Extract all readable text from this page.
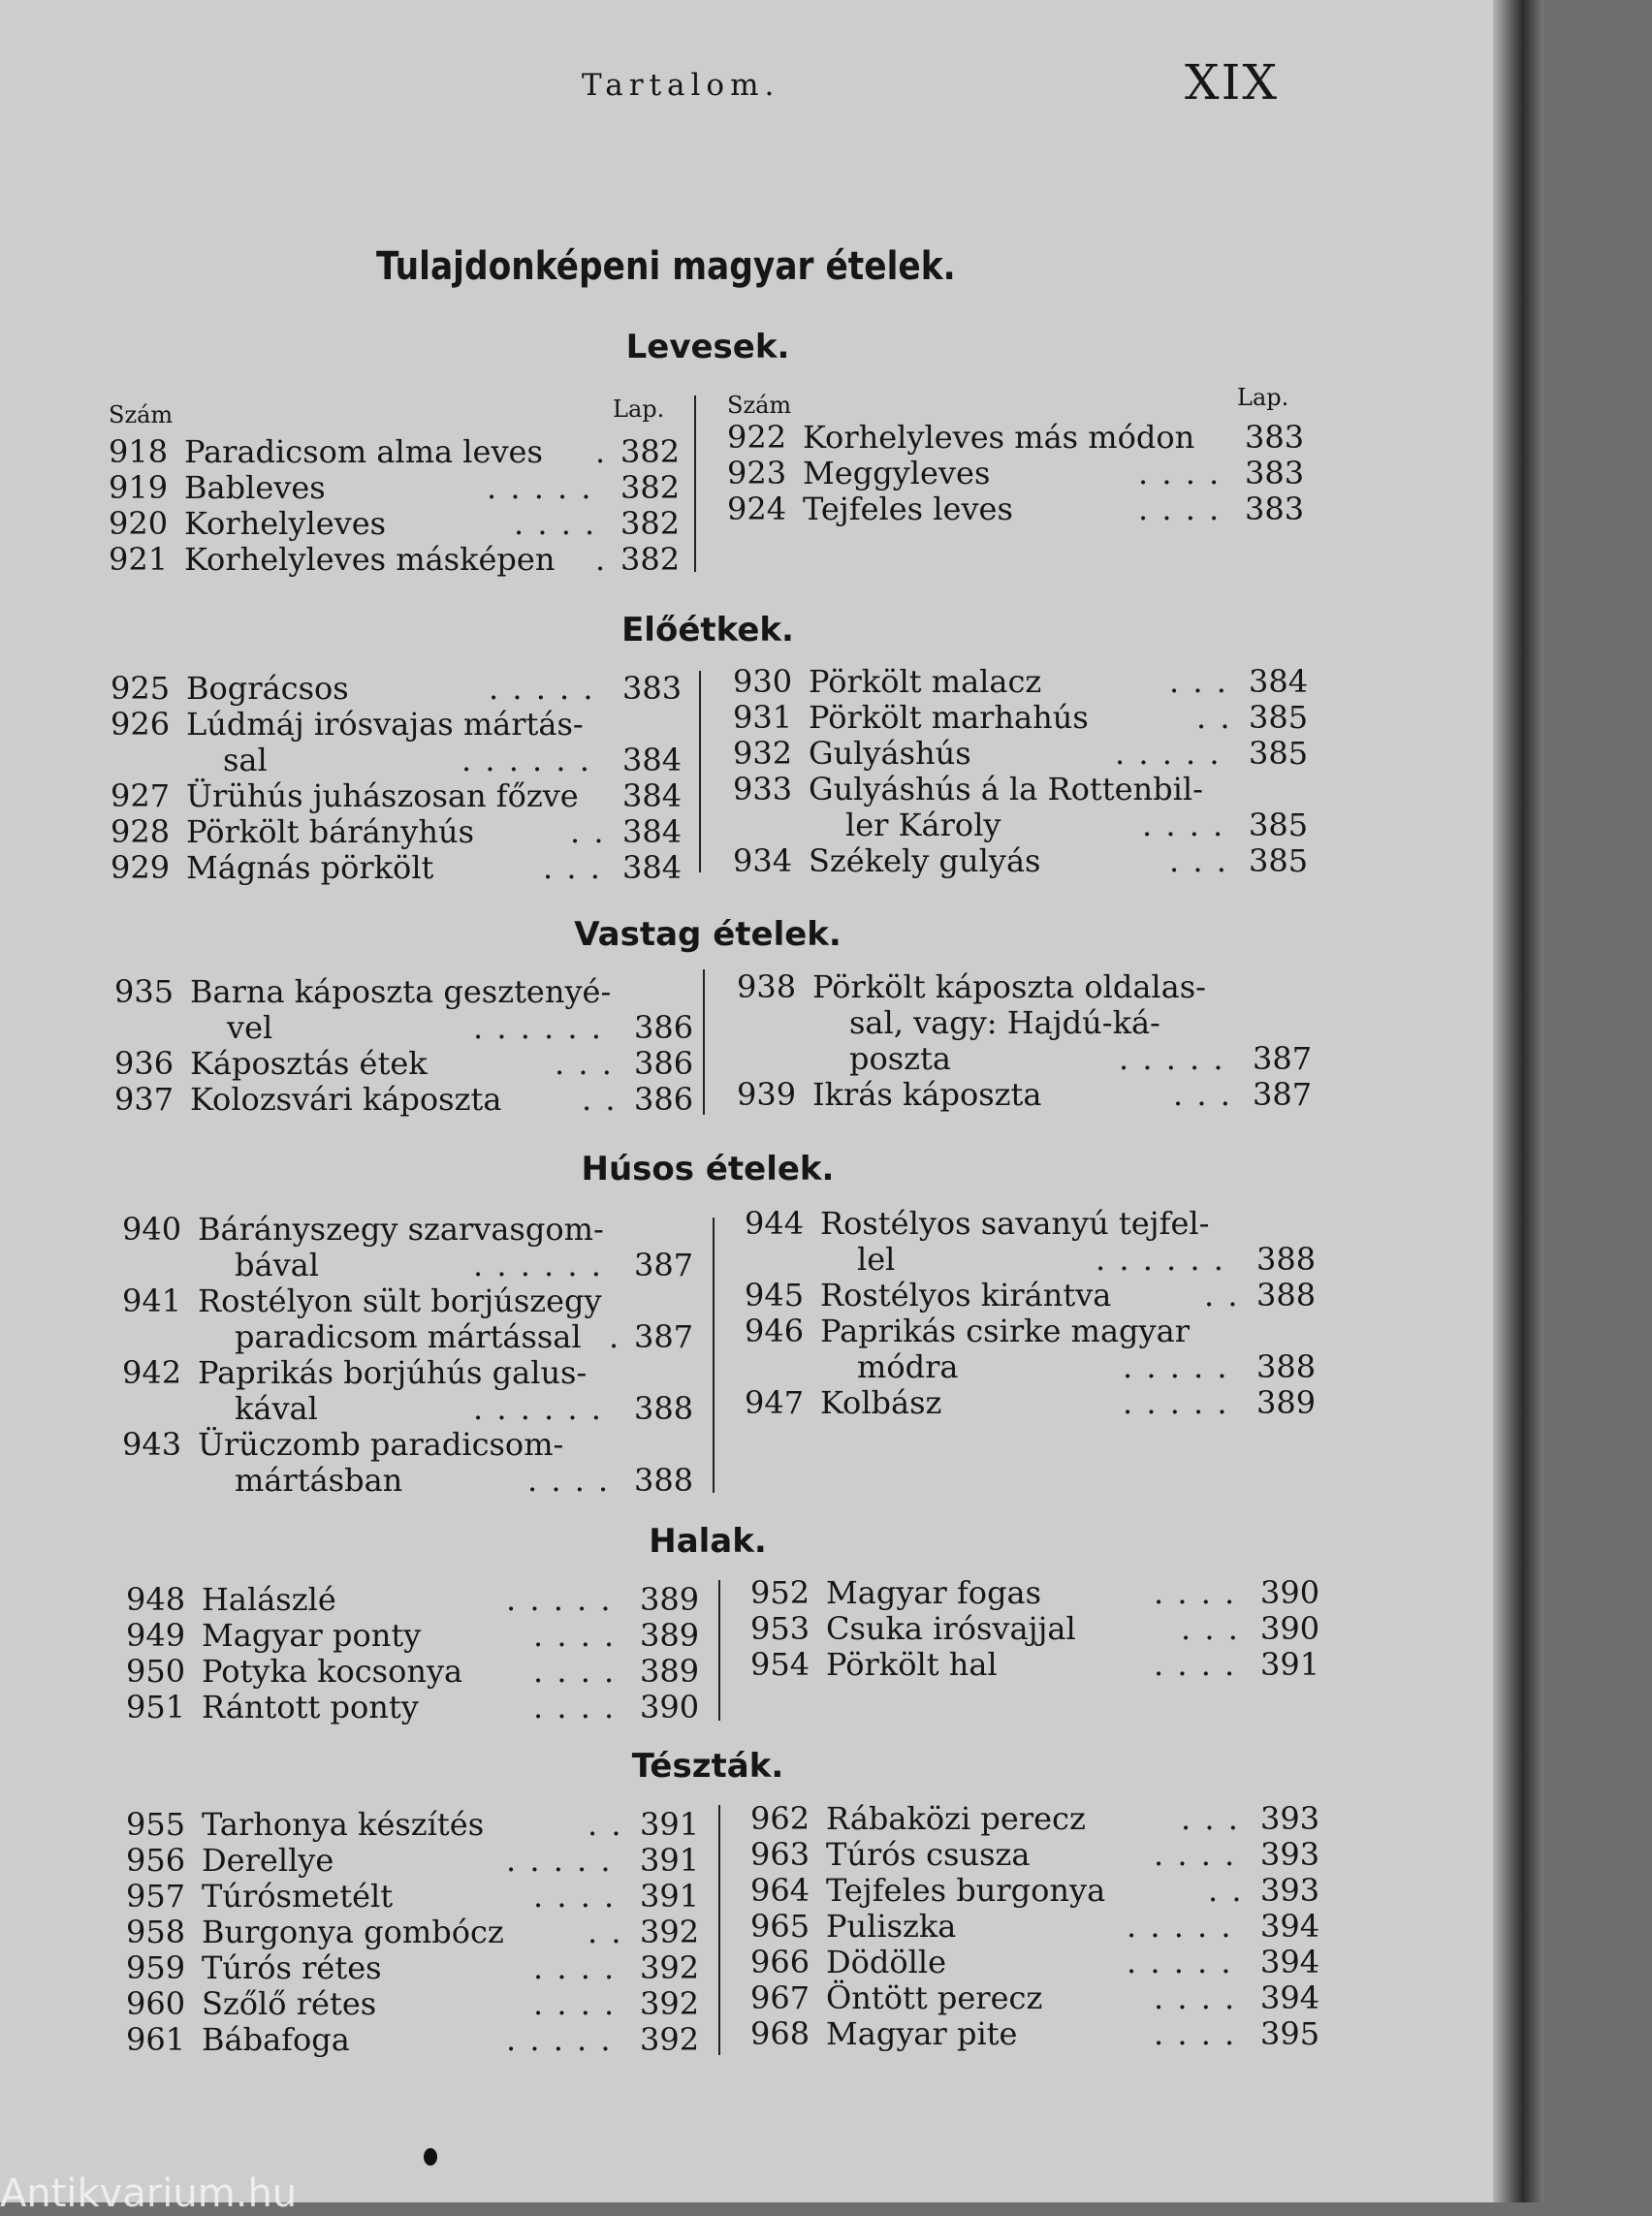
Tartalom.	XIX
Tulajdonképeni magyar ételek.
Szám	Lap.	Szám	Lap.
Levesek.
918 Paradicsom alma leves . 382
919 Bableves	. . . . . 382
920 Korhelyleves	. . . . 382
921 Korhelyleves másképen . 382
922 Korhelyleves más módon 383
923 Meggyleves	. . . . 383
924 Tejfeles leves	. . . . 383
Előétkek.
925 Bográcsos	. . . . . 383
926 Lúdmáj irósvajas mártás-
sal	. . . . . . 384
927 Ürühús juhászosan főzve 384
928 Pörkölt bárányhús	. . 384
929 Mágnás pörkölt	. . . 384
930 Pörkölt malacz	. . . 384
931 Pörkölt marhahús	. . 385
932 Gulyáshús	. . . . . 385
933 Gulyáshús á la Rottenbil-
ler Károly	. . . . 385
934 Székely gulyás	. . . 385
Vastag ételek.
935 Barna káposzta gesztenyé-
vel	. . . . . . 386
936 Káposztás étek	. . . 386
937 Kolozsvári káposzta	. . 386
938 Pörkölt káposzta oldalas-
sal, vagy: Hajdú-ká-
poszta	. . . . . 387
939 Ikrás káposzta	. . . 387
Húsos ételek.
940 Bárányszegy szarvasgom-
bával	. . . . . . 387
941 Rostélyon sült borjúszegy
paradicsom mártással . 387
942 Paprikás borjúhús galus-
kával	. . . . . . 388
943 Ürüczomb paradicsom-
mártásban	. . . . 388
944 Rostélyos savanyú tejfel-
lel	. . . . . . 388
945 Rostélyos kirántva	. . 388
946 Paprikás csirke magyar
módra	. . . . . 388
947 Kolbász	. . . . . 389
Halak.
948 Halászlé	. . . . . 389
949 Magyar ponty	. . . . 389
950 Potyka kocsonya . . . . 389
951 Rántott ponty	. . . . 390
952 Magyar fogas	. . . . 390
953 Csuka irósvajjal	. . . 390
954 Pörkölt hal	. . . . 391
Tészták.
955 Tarhonya készítés	. . 391
956 Derellye	. . . . . 391
957 Túrósmetélt	. . . . 391
958 Burgonya gombócz	. . 392
959 Túrós rétes	. . . . 392
960 Szőlő rétes	. . . . 392
961 Bábafoga	. . . . . 392
962 Rábaközi perecz	. . . 393
963 Túrós csusza	. . . . 393
964 Tejfeles burgonya	. . 393
965 Puliszka	. . . . . 394
966 Dödölle	. . . . . 394
967 Öntött perecz	. . . . 394
968 Magyar pite	. . . . 395
Antikvarium.hu
